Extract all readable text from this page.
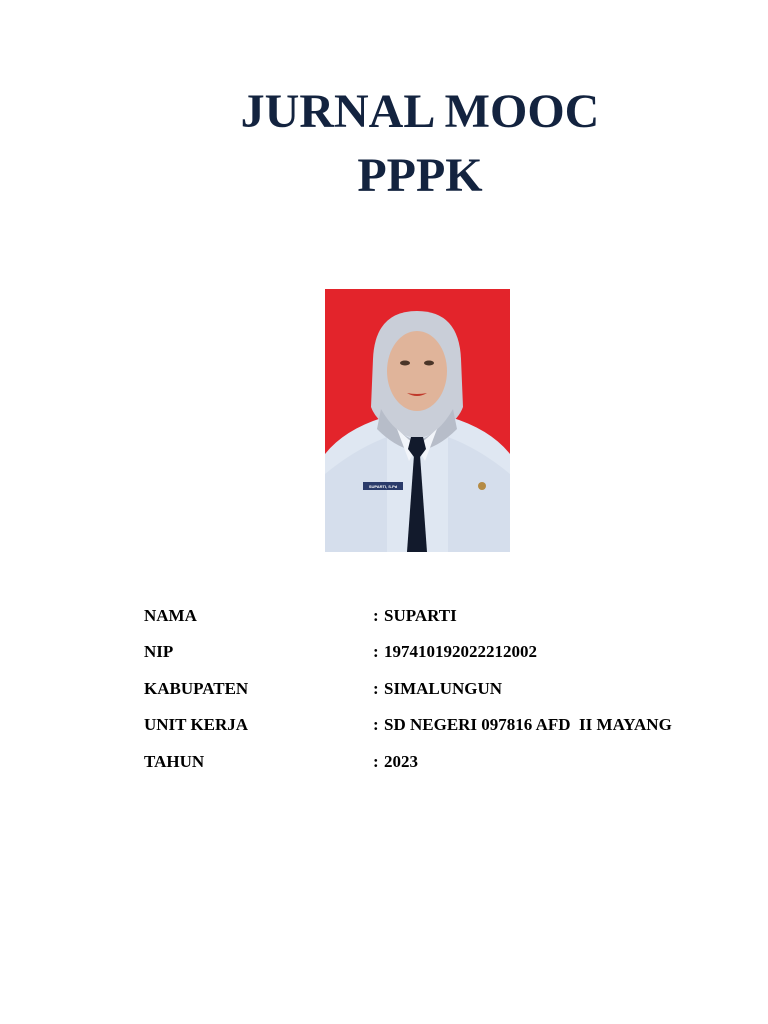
JURNAL MOOC
PPPK
SUPARTI, S.Pd
NAMA	: SUPARTI
NIP	: 197410192022212002
KABUPATEN	: SIMALUNGUN
UNIT KERJA	: SD NEGERI 097816 AFD  II MAYANG
TAHUN	: 2023
